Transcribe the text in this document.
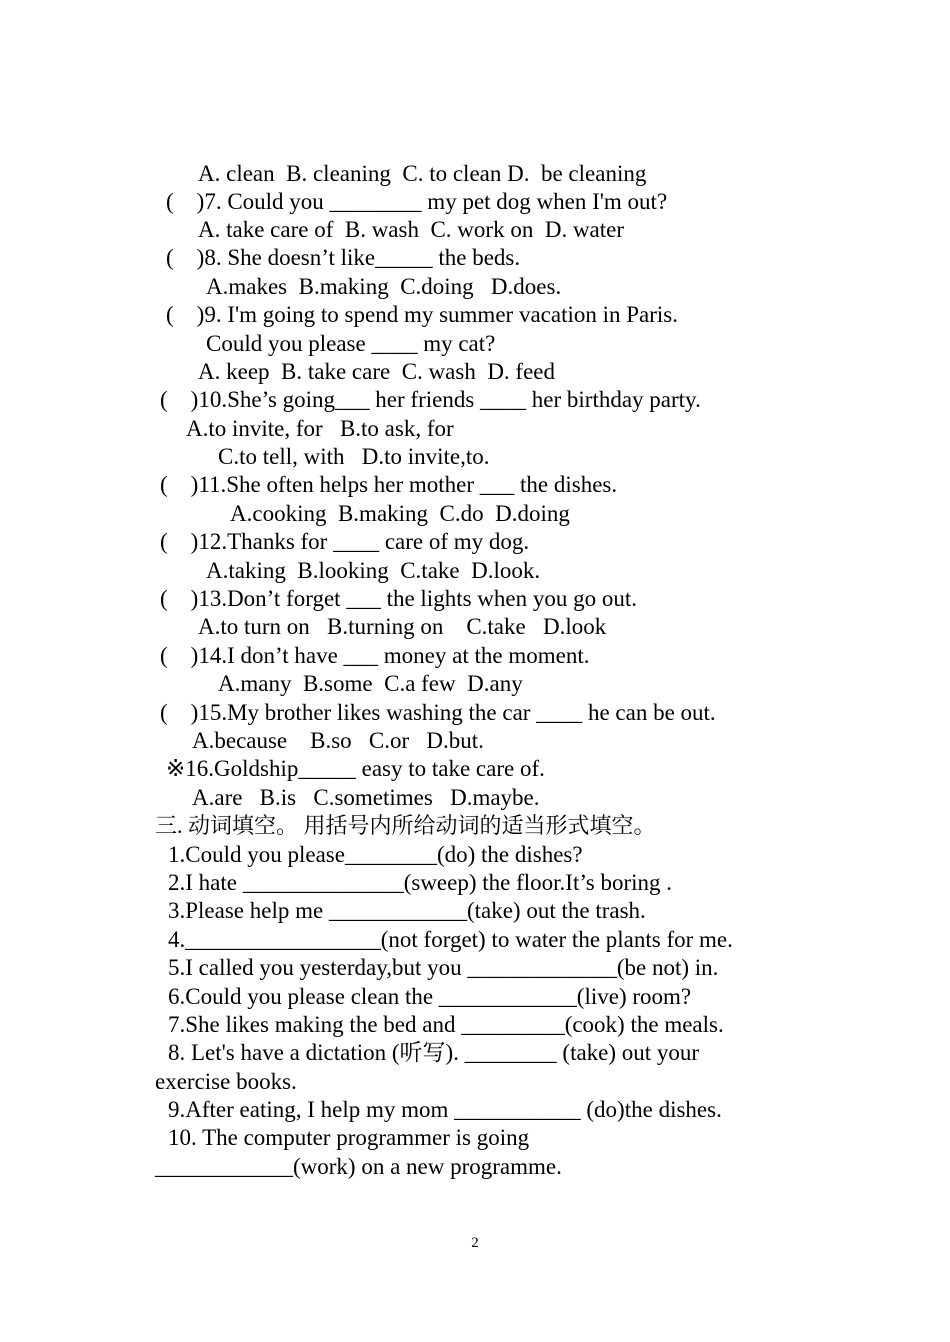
A. clean  B. cleaning  C. to clean D.  be cleaning
(    )7. Could you ________ my pet dog when I'm out?
A. take care of  B. wash  C. work on  D. water
(    )8. She doesn’t like_____ the beds.
A.makes  B.making  C.doing   D.does.
(    )9. I'm going to spend my summer vacation in Paris.
Could you please ____ my cat?
A. keep  B. take care  C. wash  D. feed
(    )10.She’s going___ her friends ____ her birthday party.
A.to invite, for   B.to ask, for
C.to tell, with   D.to invite,to.
(    )11.She often helps her mother ___ the dishes.
A.cooking  B.making  C.do  D.doing
(    )12.Thanks for ____ care of my dog.
A.taking  B.looking  C.take  D.look.
(    )13.Don’t forget ___ the lights when you go out.
A.to turn on   B.turning on    C.take   D.look
(    )14.I don’t have ___ money at the moment.
A.many  B.some  C.a few  D.any
(    )15.My brother likes washing the car ____ he can be out.
A.because    B.so   C.or   D.but.
※16.Goldship_____ easy to take care of.
A.are   B.is   C.sometimes   D.maybe.
三. 动词填空。 用括号内所给动词的适当形式填空。
1.Could you please________(do) the dishes?
2.I hate ______________(sweep) the floor.It’s boring .
3.Please help me ____________(take) out the trash.
4._________________(not forget) to water the plants for me.
5.I called you yesterday,but you _____________(be not) in.
6.Could you please clean the ____________(live) room?
7.She likes making the bed and _________(cook) the meals.
8. Let's have a dictation (听写). ________ (take) out your
exercise books.
9.After eating, I help my mom ___________ (do)the dishes.
10. The computer programmer is going
____________(work) on a new programme.
2
